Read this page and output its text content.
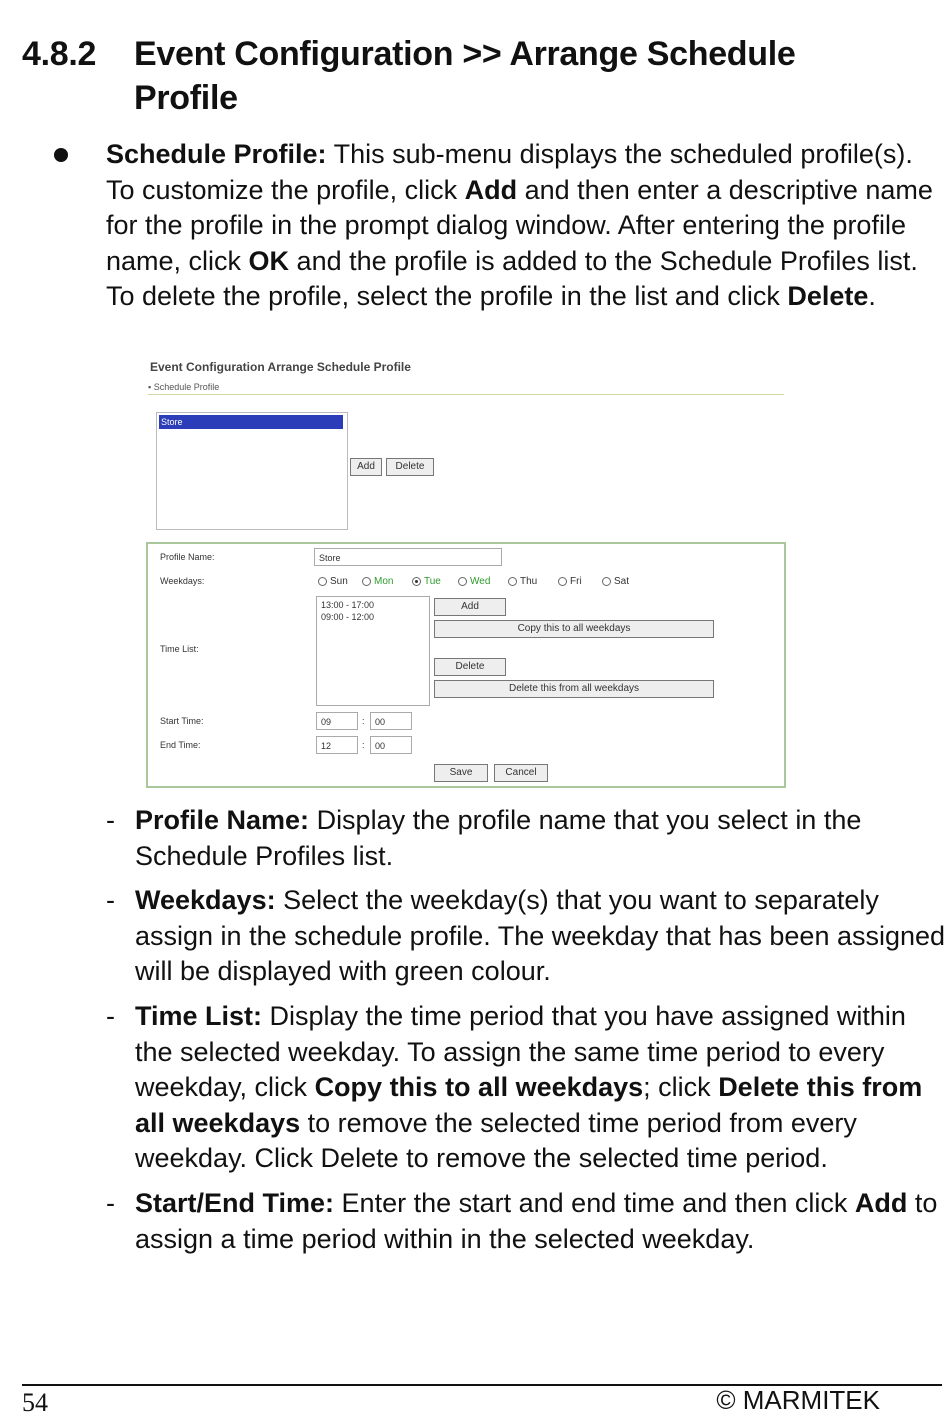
4.8.2 Event Configuration >> Arrange Schedule
Profile
Schedule Profile: This sub-menu displays the scheduled profile(s). To customize the profile, click Add and then enter a descriptive name for the profile in the prompt dialog window. After entering the profile name, click OK and the profile is added to the Schedule Profiles list. To delete the profile, select the profile in the list and click Delete.
Event Configuration Arrange Schedule Profile
▪ Schedule Profile
Store
Add	Delete
Profile Name:	Store
Weekdays:	Sun	Mon	Tue	Wed	Thu	Fri	Sat
Time List:
13:00 - 17:00
09:00 - 12:00
Add
Copy this to all weekdays
Delete
Delete this from all weekdays
Start Time:	09	:	00
End Time:	12	:	00
Save	Cancel
- Profile Name: Display the profile name that you select in the Schedule Profiles list.
- Weekdays: Select the weekday(s) that you want to separately assign in the schedule profile. The weekday that has been assigned will be displayed with green colour.
- Time List: Display the time period that you have assigned within the selected weekday. To assign the same time period to every weekday, click Copy this to all weekdays; click Delete this from all weekdays to remove the selected time period from every weekday. Click Delete to remove the selected time period.
- Start/End Time: Enter the start and end time and then click Add to assign a time period within in the selected weekday.
54	© MARMITEK
